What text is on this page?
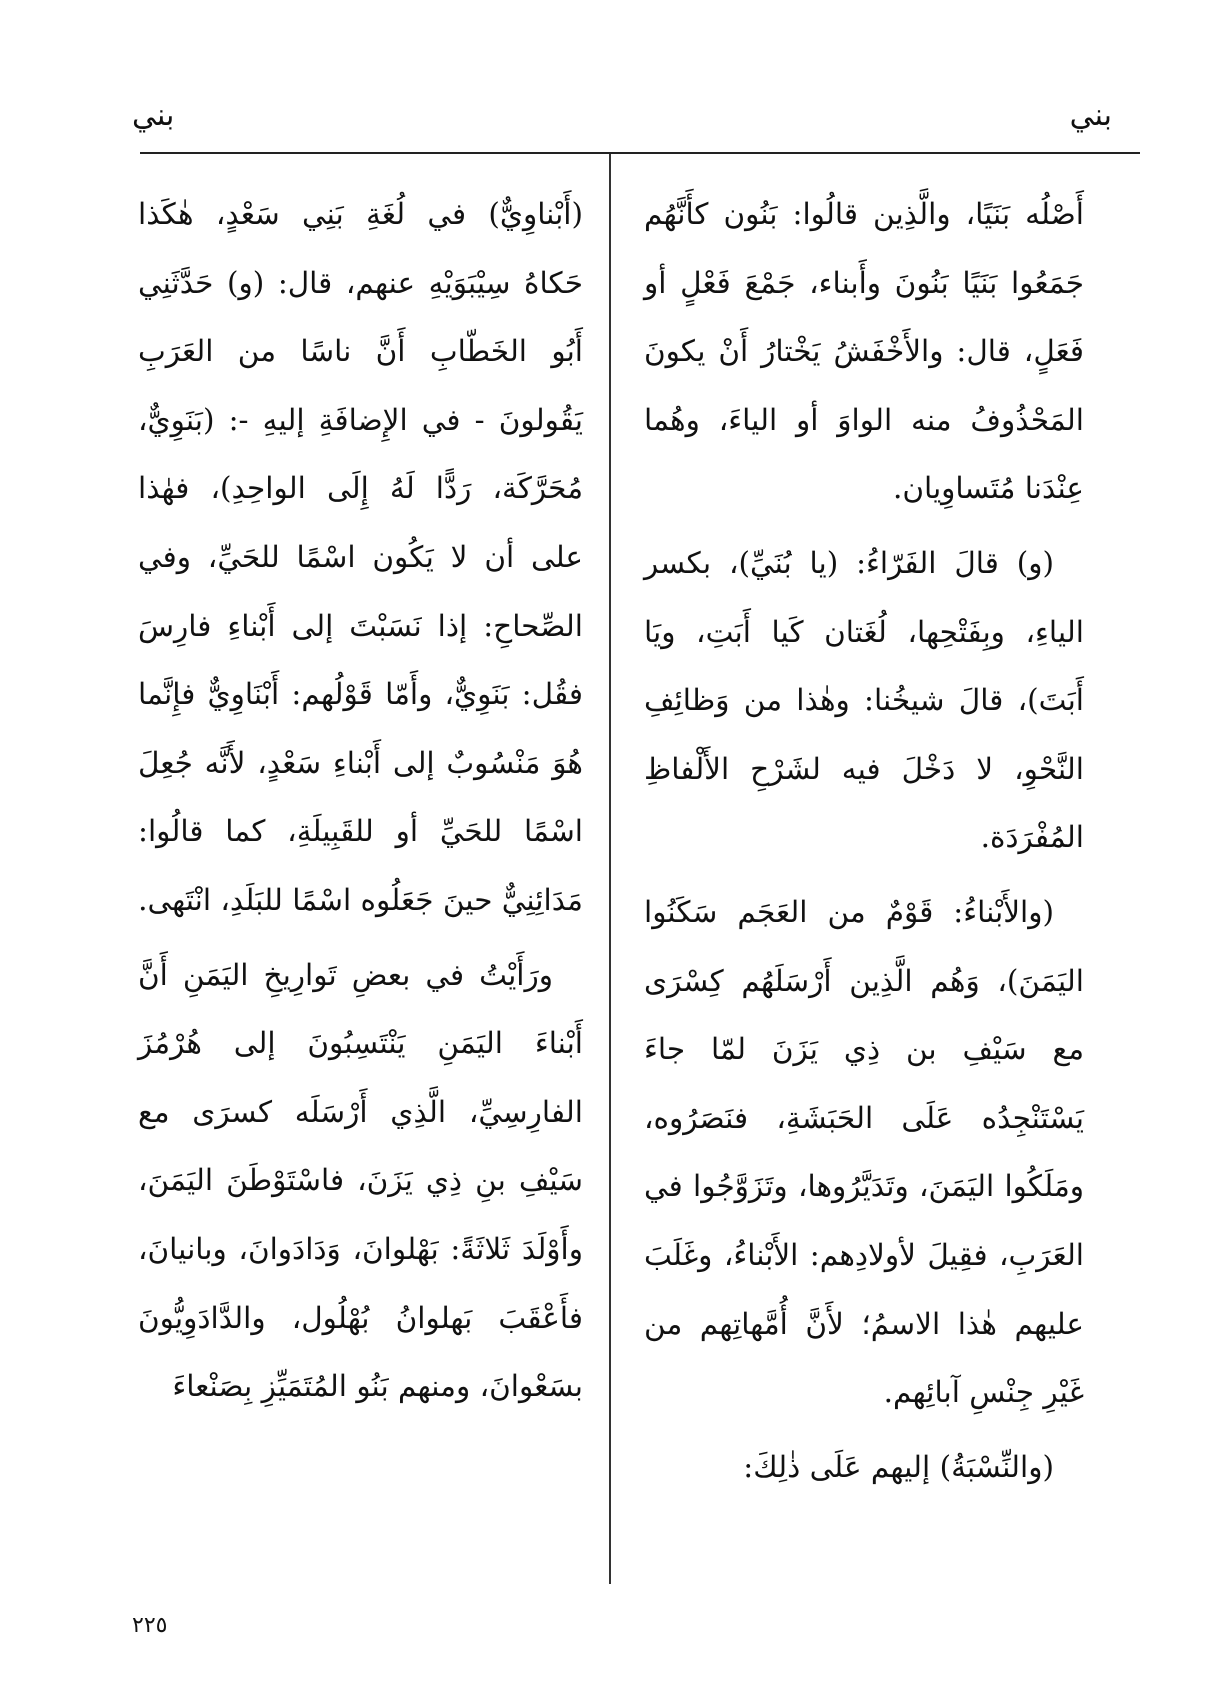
بني
بني

أَصْلُه بَنَيًا، والَّذِين قالُوا: بَنُون كأَنَّهُم جَمَعُوا بَنَيًا بَنُونَ وأَبناء، جَمْعَ فَعْلٍ أو فَعَلٍ، قال: والأَخْفَشُ يَخْتارُ أَنْ يكونَ المَحْذُوفُ منه الواوَ أو الياءَ، وهُما عِنْدَنا مُتَساوِيان.

(و) قالَ الفَرّاءُ: (يا بُنَيِّ)، بكسر الياءِ، وبِفَتْحِها، لُغَتان كَيا أَبَتِ، ويَا أَبَتَ)، قالَ شيخُنا: وهٰذا من وَظائِفِ النَّحْوِ، لا دَخْلَ فيه لشَرْحِ الأَلْفاظِ المُفْرَدَة.

(والأَبْناءُ: قَوْمٌ من العَجَم سَكَنُوا اليَمَنَ)، وَهُم الَّذِين أَرْسَلَهُم كِسْرَى مع سَيْفِ بن ذِي يَزَنَ لمّا جاءَ يَسْتَنْجِدُه عَلَى الحَبَشَةِ، فنَصَرُوه، ومَلَكُوا اليَمَنَ، وتَدَيَّرُوها، وتَزَوَّجُوا في العَرَبِ، فقِيلَ لأولادِهم: الأَبْناءُ، وغَلَبَ عليهم هٰذا الاسمُ؛ لأَنَّ أُمَّهاتِهم من غَيْرِ جِنْسِ آبائِهم.

(والنِّسْبَةُ) إليهم عَلَى ذٰلِكَ:

(أَبْناوِيٌّ) في لُغَةِ بَنِي سَعْدٍ، هٰكَذا حَكاهُ سِيْبَوَيْهِ عنهم، قال: (و) حَدَّثَنِي أَبُو الخَطّابِ أَنَّ ناسًا من العَرَبِ يَقُولونَ - في الإِضافَةِ إليهِ -: (بَنَوِيٌّ، مُحَرَّكَة، رَدًّا لَهُ إِلَى الواحِدِ)، فهٰذا على أن لا يَكُون اسْمًا للحَيِّ، وفي الصِّحاحِ: إذا نَسَبْتَ إلى أَبْناءِ فارِسَ فقُل: بَنَوِيٌّ، وأَمّا قَوْلُهم: أَبْنَاوِيٌّ فإِنَّما هُوَ مَنْسُوبٌ إلى أَبْناءِ سَعْدٍ، لأَنَّه جُعِلَ اسْمًا للحَيِّ أو للقَبِيلَةِ، كما قالُوا: مَدَائِنِيٌّ حينَ جَعَلُوه اسْمًا للبَلَدِ، انْتَهى.

ورَأَيْتُ في بعضِ تَوارِيخِ اليَمَنِ أَنَّ أَبْناءَ اليَمَنِ يَنْتَسِبُونَ إلى هُرْمُزَ الفارِسِيِّ، الَّذِي أَرْسَلَه كسرَى مع سَيْفِ بنِ ذِي يَزَنَ، فاسْتَوْطَنَ اليَمَنَ، وأَوْلَدَ ثَلاثَةً: بَهْلوانَ، وَدَادَوانَ، وبانيانَ، فأَعْقَبَ بَهلوانُ بُهْلُول، والدَّادَوِيُّونَ بسَعْوانَ، ومنهم بَنُو المُتَمَيِّزِ بِصَنْعاءَ

٢٢٥
